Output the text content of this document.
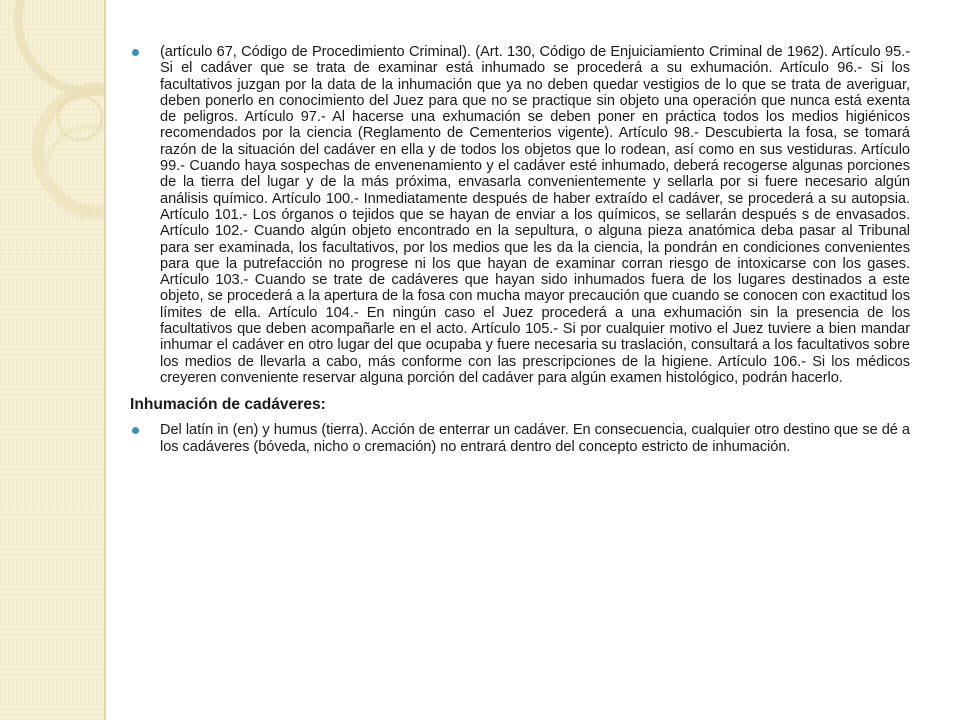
(artículo 67, Código de Procedimiento Criminal). (Art. 130, Código de Enjuiciamiento Criminal de 1962). Artículo 95.- Si el cadáver que se trata de examinar está inhumado se procederá a su exhumación. Artículo 96.- Si los facultativos juzgan por la data de la inhumación que ya no deben quedar vestigios de lo que se trata de averiguar, deben ponerlo en conocimiento del Juez para que no se practique sin objeto una operación que nunca está exenta de peligros. Artículo 97.- Al hacerse una exhumación se deben poner en práctica todos los medios higiénicos recomendados por la ciencia (Reglamento de Cementerios vigente). Artículo 98.- Descubierta la fosa, se tomará razón de la situación del cadáver en ella y de todos los objetos que lo rodean, así como en sus vestiduras. Artículo 99.- Cuando haya sospechas de envenenamiento y el cadáver esté inhumado, deberá recogerse algunas porciones de la tierra del lugar y de la más próxima, envasarla convenientemente y sellarla por si fuere necesario algún análisis químico. Artículo 100.- Inmediatamente después de haber extraído el cadáver, se procederá a su autopsia. Artículo 101.- Los órganos o tejidos que se hayan de enviar a los químicos, se sellarán después s de envasados. Artículo 102.- Cuando algún objeto encontrado en la sepultura, o alguna pieza anatómica deba pasar al Tribunal para ser examinada, los facultativos, por los medios que les da la ciencia, la pondrán en condiciones convenientes para que la putrefacción no progrese ni los que hayan de examinar corran riesgo de intoxicarse con los gases. Artículo 103.- Cuando se trate de cadáveres que hayan sido inhumados fuera de los lugares destinados a este objeto, se procederá a la apertura de la fosa con mucha mayor precaución que cuando se conocen con exactitud los límites de ella. Artículo 104.- En ningún caso el Juez procederá a una exhumación sin la presencia de los facultativos que deben acompañarle en el acto. Artículo 105.- Si por cualquier motivo el Juez tuviere a bien mandar inhumar el cadáver en otro lugar del que ocupaba y fuere necesaria su traslación, consultará a los facultativos sobre los medios de llevarla a cabo, más conforme con las prescripciones de la higiene. Artículo 106.- Si los médicos creyeren conveniente reservar alguna porción del cadáver para algún examen histológico, podrán hacerlo.
Inhumación de cadáveres:
Del latín in (en) y humus (tierra). Acción de enterrar un cadáver. En consecuencia, cualquier otro destino que se dé a los cadáveres (bóveda, nicho o cremación) no entrará dentro del concepto estricto de inhumación.
